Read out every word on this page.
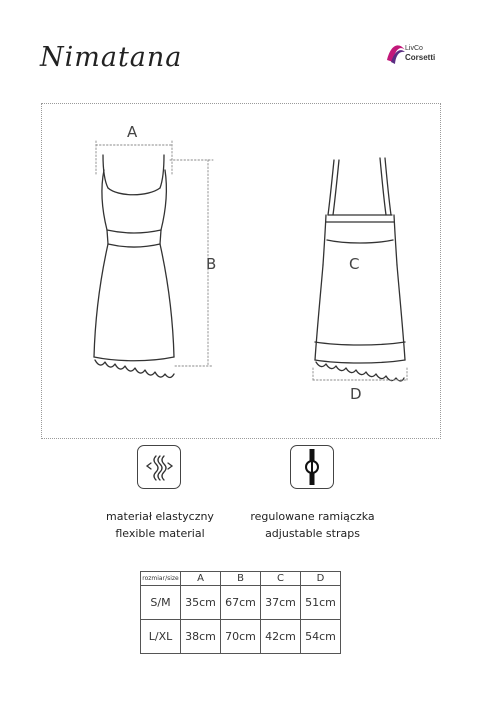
Nimatana	LivCo
Corsetti
A
B	C
D
materiał elastyczny
flexible material
regulowane ramiączka
adjustable straps
rozmiar/size	A	B	C	D
S/M	35cm	67cm	37cm	51cm
L/XL	38cm	70cm	42cm	54cm
